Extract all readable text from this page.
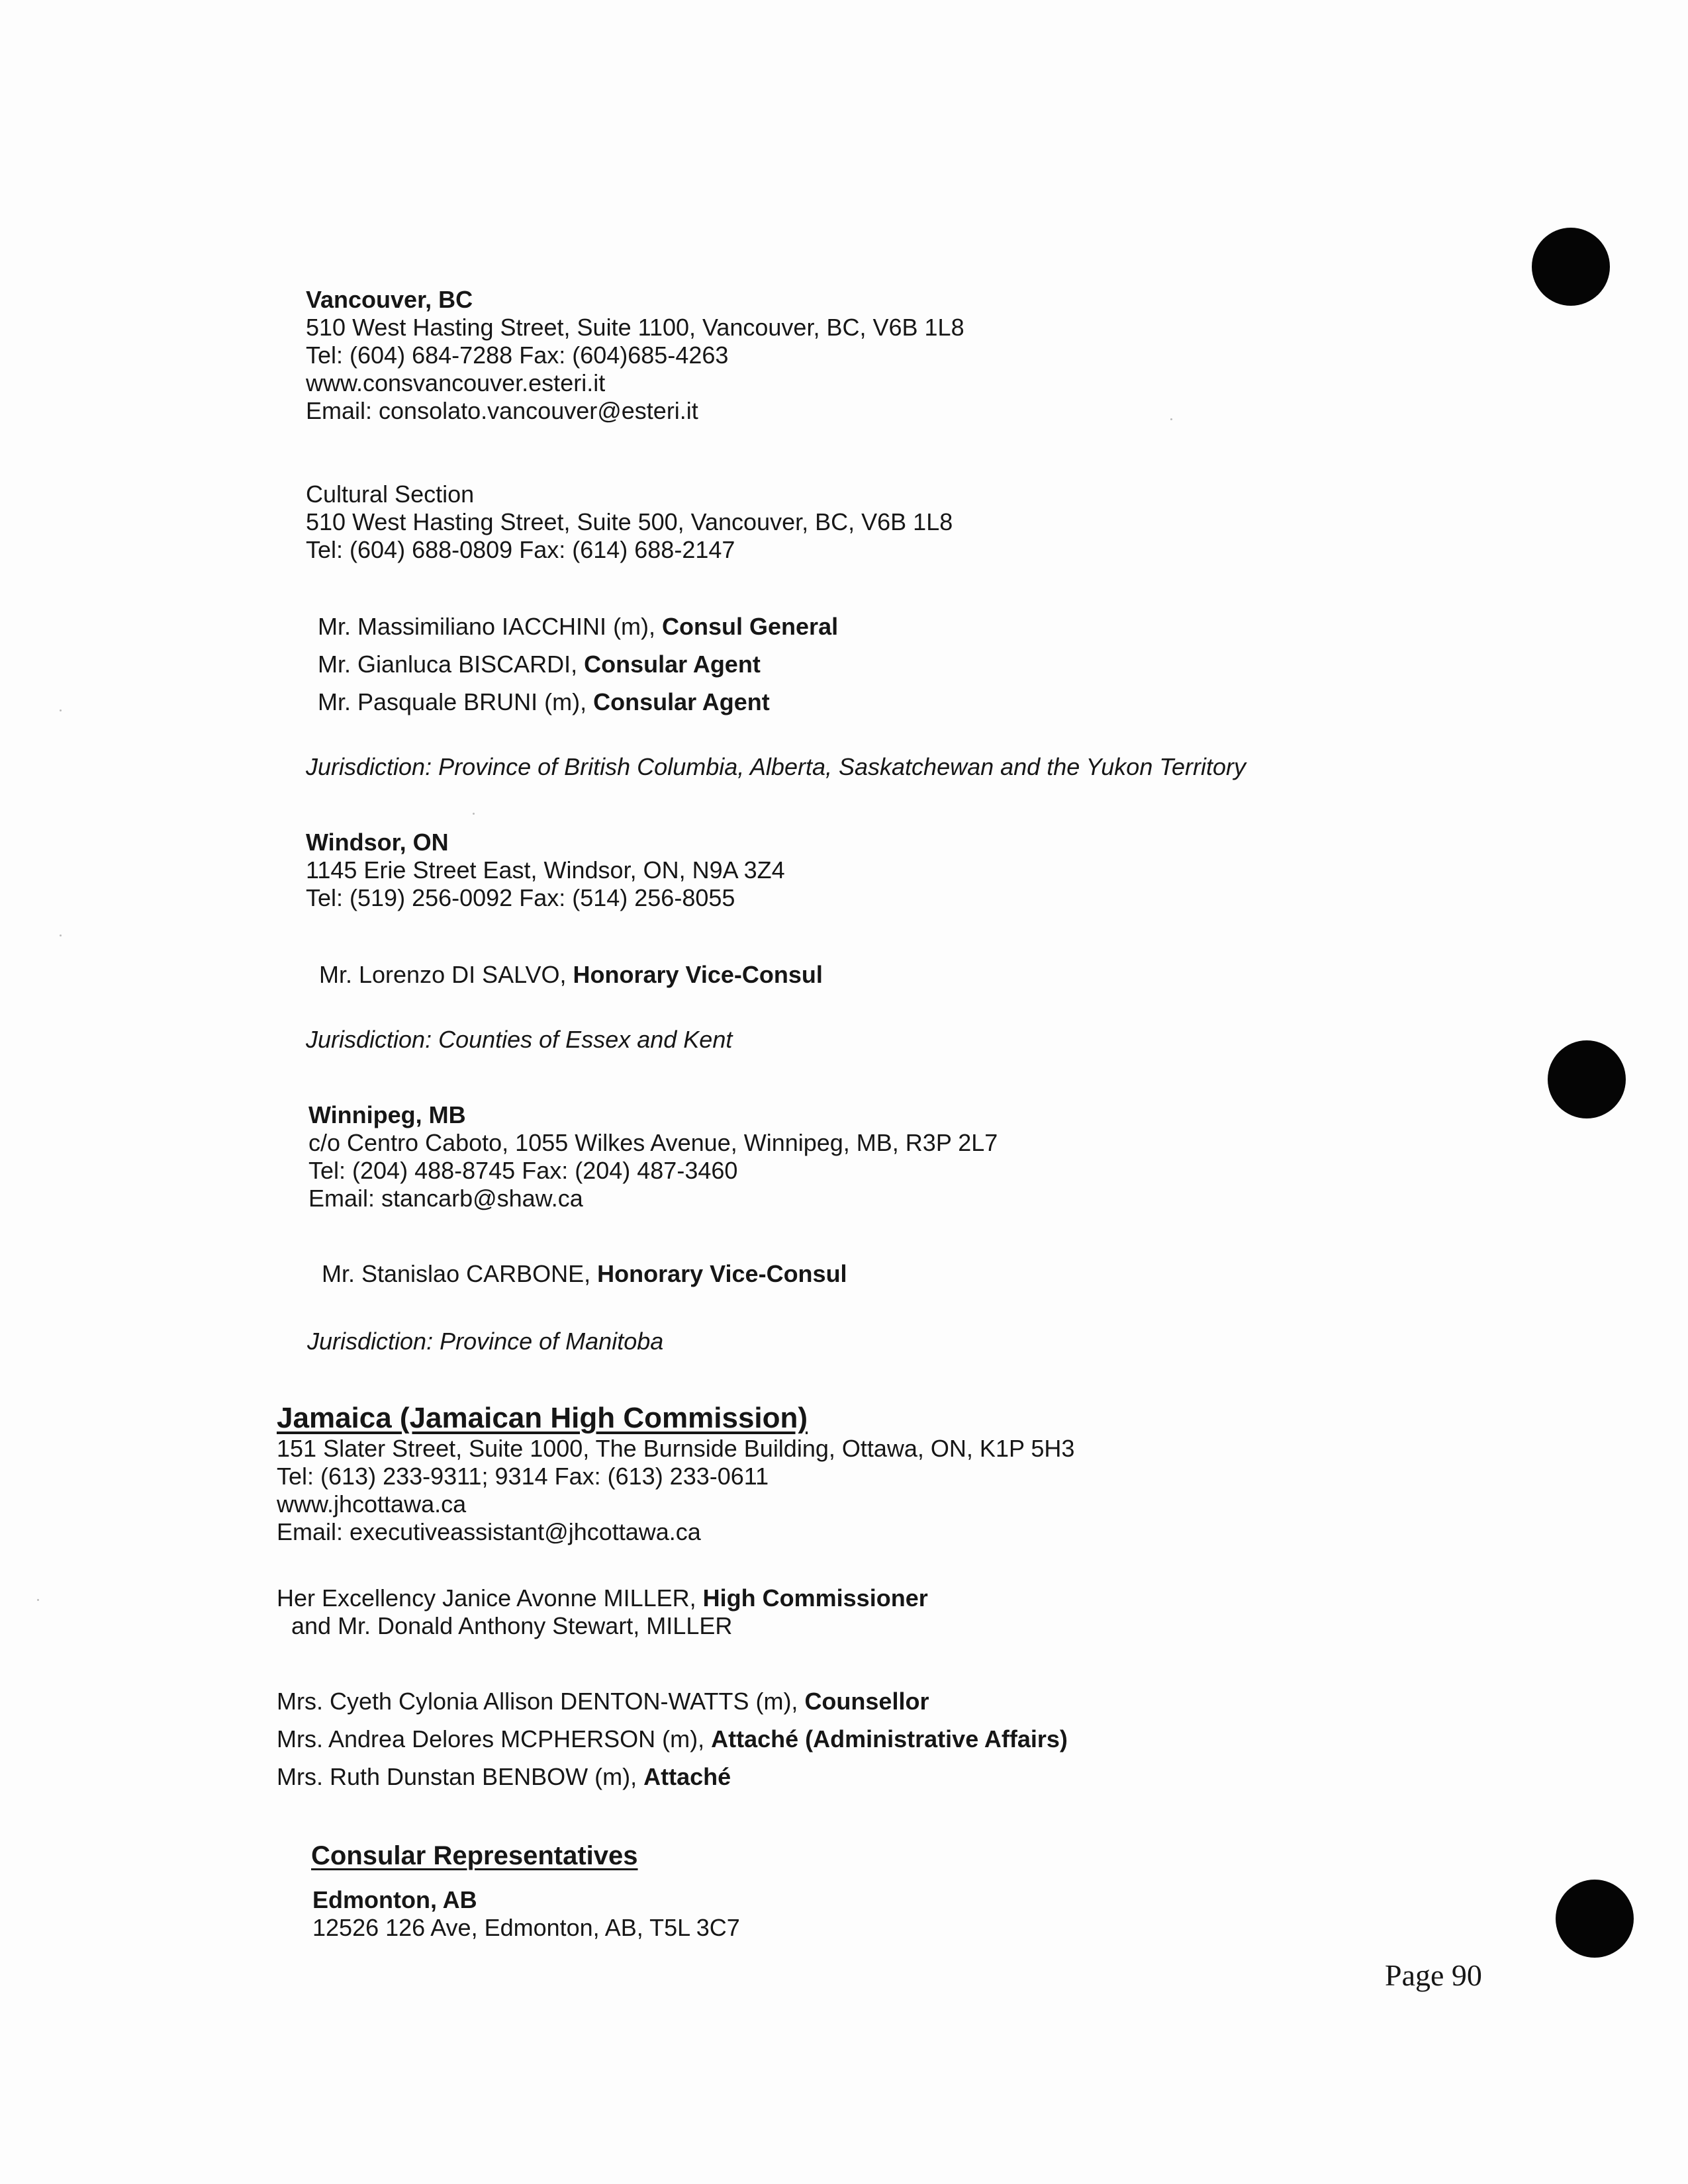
Vancouver, BC
510 West Hasting Street, Suite 1100, Vancouver, BC, V6B 1L8
Tel: (604) 684-7288 Fax: (604)685-4263
www.consvancouver.esteri.it
Email: consolato.vancouver@esteri.it
Cultural Section
510 West Hasting Street, Suite 500, Vancouver, BC, V6B 1L8
Tel: (604) 688-0809 Fax: (614) 688-2147
Mr. Massimiliano IACCHINI (m), Consul General
Mr. Gianluca BISCARDI, Consular Agent
Mr. Pasquale BRUNI (m), Consular Agent
Jurisdiction: Province of British Columbia, Alberta, Saskatchewan and the Yukon Territory
Windsor, ON
1145 Erie Street East, Windsor, ON, N9A 3Z4
Tel: (519) 256-0092 Fax: (514) 256-8055
Mr. Lorenzo DI SALVO, Honorary Vice-Consul
Jurisdiction: Counties of Essex and Kent
Winnipeg, MB
c/o Centro Caboto, 1055 Wilkes Avenue, Winnipeg, MB, R3P 2L7
Tel: (204) 488-8745 Fax: (204) 487-3460
Email: stancarb@shaw.ca
Mr. Stanislao CARBONE, Honorary Vice-Consul
Jurisdiction: Province of Manitoba
Jamaica (Jamaican High Commission)
151 Slater Street, Suite 1000, The Burnside Building, Ottawa, ON, K1P 5H3
Tel: (613) 233-9311; 9314 Fax: (613) 233-0611
www.jhcottawa.ca
Email: executiveassistant@jhcottawa.ca
Her Excellency Janice Avonne MILLER, High Commissioner
and Mr. Donald Anthony Stewart, MILLER
Mrs. Cyeth Cylonia Allison DENTON-WATTS (m), Counsellor
Mrs. Andrea Delores MCPHERSON (m), Attaché (Administrative Affairs)
Mrs. Ruth Dunstan BENBOW (m), Attaché
Consular Representatives
Edmonton, AB
12526 126 Ave, Edmonton, AB, T5L 3C7
Page 90
